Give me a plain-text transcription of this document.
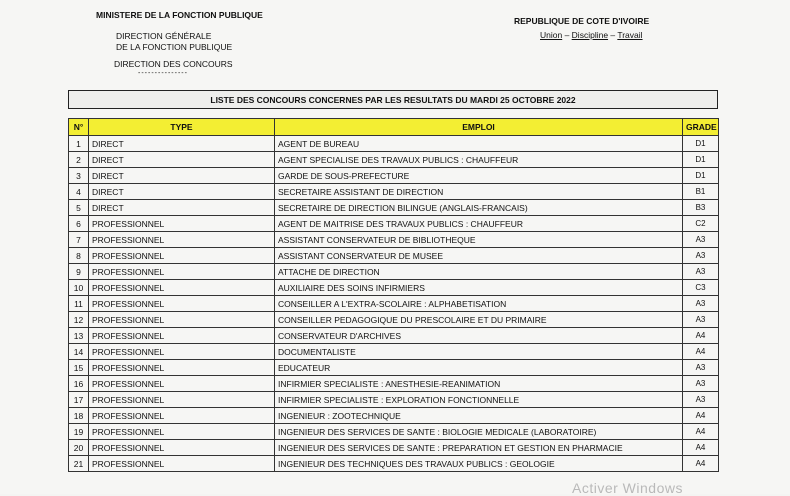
MINISTERE DE LA FONCTION PUBLIQUE
DIRECTION GÉNÉRALE
DE LA FONCTION PUBLIQUE
DIRECTION DES CONCOURS
---------------
REPUBLIQUE DE COTE D'IVOIRE
Union – Discipline – Travail
LISTE DES CONCOURS CONCERNES PAR LES RESULTATS DU MARDI 25 OCTOBRE 2022
N°	TYPE	EMPLOI	GRADE
1	DIRECT	AGENT DE BUREAU	D1
2	DIRECT	AGENT SPECIALISE DES TRAVAUX PUBLICS : CHAUFFEUR	D1
3	DIRECT	GARDE DE SOUS-PREFECTURE	D1
4	DIRECT	SECRETAIRE ASSISTANT DE DIRECTION	B1
5	DIRECT	SECRETAIRE DE DIRECTION BILINGUE (ANGLAIS-FRANCAIS)	B3
6	PROFESSIONNEL	AGENT DE MAITRISE DES TRAVAUX PUBLICS : CHAUFFEUR	C2
7	PROFESSIONNEL	ASSISTANT CONSERVATEUR DE BIBLIOTHEQUE	A3
8	PROFESSIONNEL	ASSISTANT CONSERVATEUR DE MUSEE	A3
9	PROFESSIONNEL	ATTACHE DE DIRECTION	A3
10	PROFESSIONNEL	AUXILIAIRE DES SOINS INFIRMIERS	C3
11	PROFESSIONNEL	CONSEILLER A L'EXTRA-SCOLAIRE : ALPHABETISATION	A3
12	PROFESSIONNEL	CONSEILLER PEDAGOGIQUE DU PRESCOLAIRE ET DU PRIMAIRE	A3
13	PROFESSIONNEL	CONSERVATEUR D'ARCHIVES	A4
14	PROFESSIONNEL	DOCUMENTALISTE	A4
15	PROFESSIONNEL	EDUCATEUR	A3
16	PROFESSIONNEL	INFIRMIER SPECIALISTE : ANESTHESIE-REANIMATION	A3
17	PROFESSIONNEL	INFIRMIER SPECIALISTE : EXPLORATION FONCTIONNELLE	A3
18	PROFESSIONNEL	INGENIEUR : ZOOTECHNIQUE	A4
19	PROFESSIONNEL	INGENIEUR DES SERVICES DE SANTE : BIOLOGIE MEDICALE (LABORATOIRE)	A4
20	PROFESSIONNEL	INGENIEUR DES SERVICES DE SANTE : PREPARATION ET GESTION EN PHARMACIE	A4
21	PROFESSIONNEL	INGENIEUR DES TECHNIQUES DES TRAVAUX PUBLICS : GEOLOGIE	A4
Activer Windows
